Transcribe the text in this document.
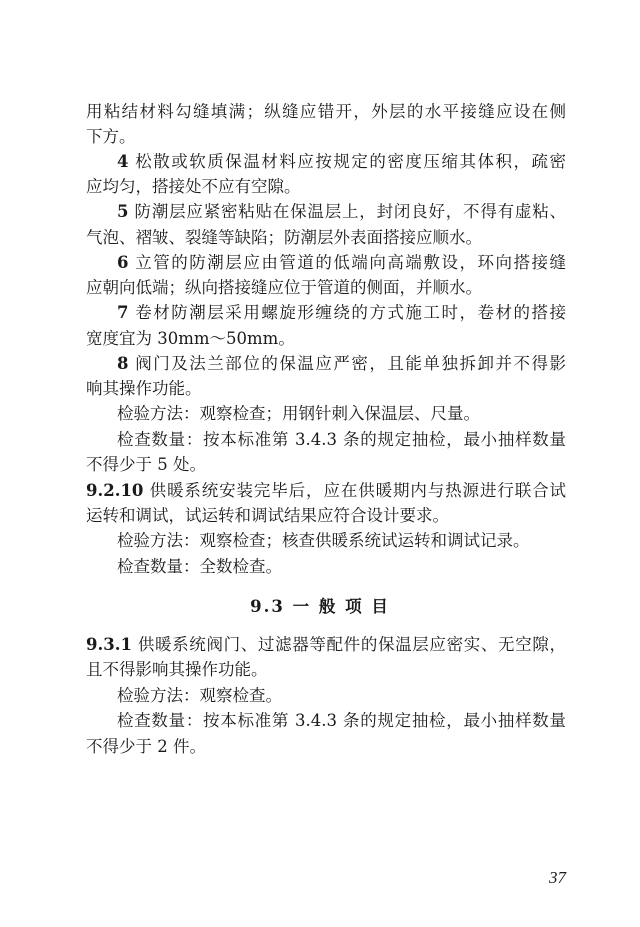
用粘结材料勾缝填满；纵缝应错开，外层的水平接缝应设在侧
下方。
4 松散或软质保温材料应按规定的密度压缩其体积，疏密
应均匀，搭接处不应有空隙。
5 防潮层应紧密粘贴在保温层上，封闭良好，不得有虚粘、
气泡、褶皱、裂缝等缺陷；防潮层外表面搭接应顺水。
6 立管的防潮层应由管道的低端向高端敷设，环向搭接缝
应朝向低端；纵向搭接缝应位于管道的侧面，并顺水。
7 卷材防潮层采用螺旋形缠绕的方式施工时，卷材的搭接
宽度宜为 30mm～50mm。
8 阀门及法兰部位的保温应严密，且能单独拆卸并不得影
响其操作功能。
检验方法：观察检查；用钢针刺入保温层、尺量。
检查数量：按本标准第 3.4.3 条的规定抽检，最小抽样数量
不得少于 5 处。
9.2.10 供暖系统安装完毕后，应在供暖期内与热源进行联合试
运转和调试，试运转和调试结果应符合设计要求。
检验方法：观察检查；核查供暖系统试运转和调试记录。
检查数量：全数检查。
9.3 一 般 项 目
9.3.1 供暖系统阀门、过滤器等配件的保温层应密实、无空隙，
且不得影响其操作功能。
检验方法：观察检查。
检查数量：按本标准第 3.4.3 条的规定抽检，最小抽样数量
不得少于 2 件。
37
